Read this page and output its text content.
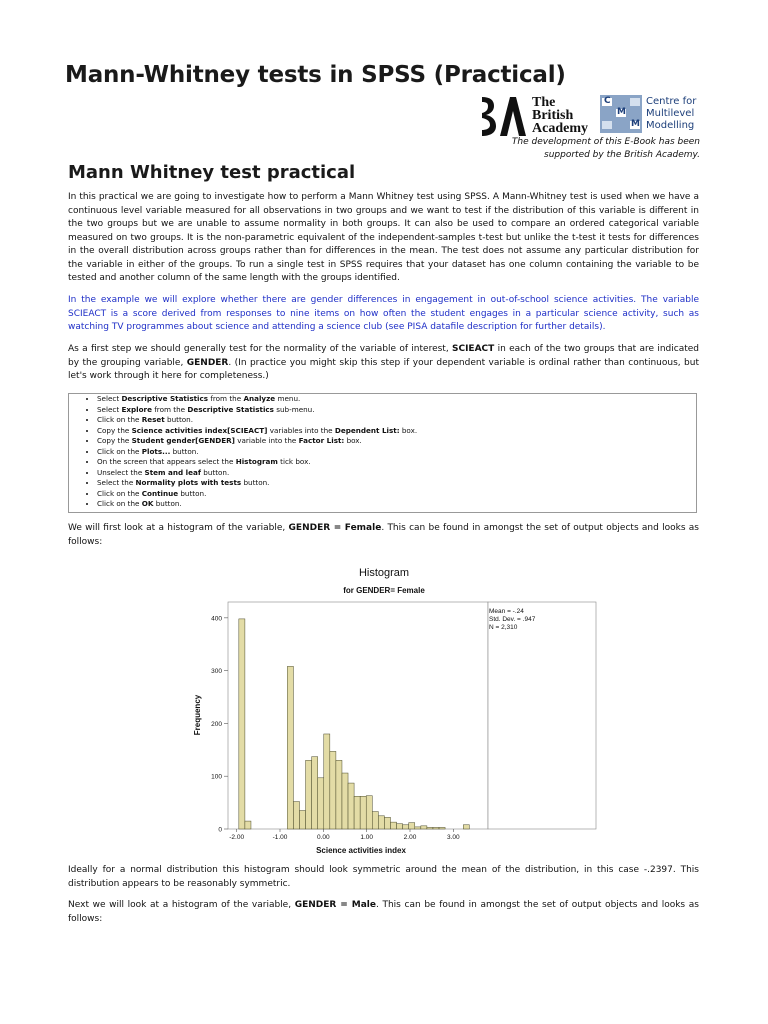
Mann-Whitney tests in SPSS (Practical)
The
British
Academy
C
M
M
Centre for
Multilevel
Modelling
The development of this E-Book has been supported by the British Academy.
Mann Whitney test practical

In this practical we are going to investigate how to perform a Mann Whitney test using SPSS. A Mann-Whitney test is used when we have a continuous level variable measured for all observations in two groups and we want to test if the distribution of this variable is different in the two groups but we are unable to assume normality in both groups. It can also be used to compare an ordered categorical variable measured on two groups. It is the non-parametric equivalent of the independent-samples t-test but unlike the t-test it tests for differences in the overall distribution across groups rather than for differences in the mean. The test does not assume any particular distribution for the variable in either of the groups. To run a single test in SPSS requires that your dataset has one column containing the variable to be tested and another column of the same length with the groups identified.

In the example we will explore whether there are gender differences in engagement in out-of-school science activities. The variable SCIEACT is a score derived from responses to nine items on how often the student engages in a particular science activity, such as watching TV programmes about science and attending a science club (see PISA datafile description for further details).

As a first step we should generally test for the normality of the variable of interest, SCIEACT in each of the two groups that are indicated by the grouping variable, GENDER. (In practice you might skip this step if your dependent variable is ordinal rather than continuous, but let's work through it here for completeness.)

• Select Descriptive Statistics from the Analyze menu.
• Select Explore from the Descriptive Statistics sub-menu.
• Click on the Reset button.
• Copy the Science activities index[SCIEACT] variables into the Dependent List: box.
• Copy the Student gender[GENDER] variable into the Factor List: box.
• Click on the Plots... button.
• On the screen that appears select the Histogram tick box.
• Unselect the Stem and leaf button.
• Select the Normality plots with tests button.
• Click on the Continue button.
• Click on the OK button.

We will first look at a histogram of the variable, GENDER = Female. This can be found in amongst the set of output objects and looks as follows:

Histogram
for GENDER= Female
0
100
200
300
400
-2.00	-1.00	0.00	1.00	2.00	3.00
Science activities index
Frequency
Mean = -.24
Std. Dev. = .947
N = 2,310

Ideally for a normal distribution this histogram should look symmetric around the mean of the distribution, in this case -.2397. This distribution appears to be reasonably symmetric.

Next we will look at a histogram of the variable, GENDER = Male. This can be found in amongst the set of output objects and looks as follows:
